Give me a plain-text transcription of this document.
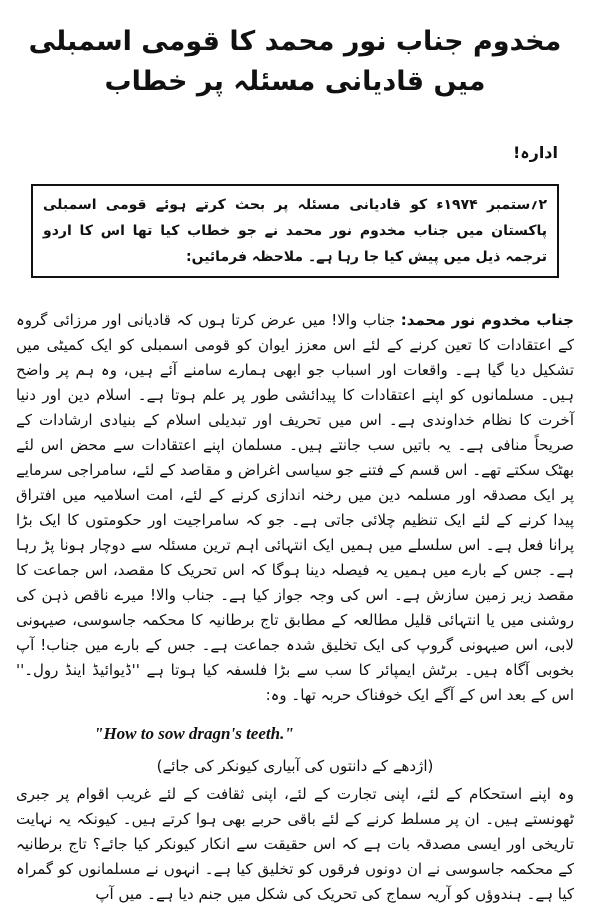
مخدوم جناب نور محمد کا قومی اسمبلی میں قادیانی مسئلہ پر خطاب
ادارہ!
۲؍ستمبر ۱۹۷۴ء کو قادیانی مسئلہ پر بحث کرتے ہوئے قومی اسمبلی پاکستان میں جناب مخدوم نور محمد نے جو خطاب کیا تھا اس کا اردو ترجمہ ذیل میں پیش کیا جا رہا ہے۔ ملاحظہ فرمائیں:

جناب مخدوم نور محمد: جناب والا! میں عرض کرتا ہوں کہ قادیانی اور مرزائی گروہ کے اعتقادات کا تعین کرنے کے لئے اس معزز ایوان کو قومی اسمبلی کو ایک کمیٹی میں تشکیل دیا گیا ہے۔ واقعات اور اسباب جو ابھی ہمارے سامنے آئے ہیں، وہ ہم پر واضح ہیں۔ مسلمانوں کو اپنے اعتقادات کا پیدائشی طور پر علم ہوتا ہے۔ اسلام دین اور دنیا آخرت کا نظام خداوندی ہے۔ اس میں تحریف اور تبدیلی اسلام کے بنیادی ارشادات کے صریحاً منافی ہے۔ یہ باتیں سب جانتے ہیں۔ مسلمان اپنے اعتقادات سے محض اس لئے بھٹک سکتے تھے۔ اس قسم کے فتنے جو سیاسی اغراض و مقاصد کے لئے، سامراجی سرمایے پر ایک مصدقہ اور مسلمہ دین میں رخنہ اندازی کرنے کے لئے، امت اسلامیہ میں افتراق پیدا کرنے کے لئے ایک تنظیم چلائی جاتی ہے۔ جو کہ سامراجیت اور حکومتوں کا ایک بڑا پرانا فعل ہے۔ اس سلسلے میں ہمیں ایک انتہائی اہم ترین مسئلہ سے دوچار ہونا پڑ رہا ہے۔ جس کے بارے میں ہمیں یہ فیصلہ دینا ہوگا کہ اس تحریک کا مقصد، اس جماعت کا مقصد زیر زمین سازش ہے۔ اس کی وجہ جواز کیا ہے۔ جناب والا! میرے ناقص ذہن کی روشنی میں یا انتہائی قلیل مطالعہ کے مطابق تاج برطانیہ کا محکمہ جاسوسی، صیہونی لابی، اس صیہونی گروپ کی ایک تخلیق شدہ جماعت ہے۔ جس کے بارے میں جناب! آپ بخوبی آگاہ ہیں۔ برٹش ایمپائر کا سب سے بڑا فلسفہ کیا ہوتا ہے ''ڈیوائیڈ اینڈ رول۔'' اس کے بعد اس کے آگے ایک خوفناک حربہ تھا۔ وہ:

"How to sow dragn's teeth."
(اژدھے کے دانتوں کی آبیاری کیونکر کی جائے)

وہ اپنے استحکام کے لئے، اپنی تجارت کے لئے، اپنی ثقافت کے لئے غریب اقوام پر جبری ٹھونستے ہیں۔ ان پر مسلط کرنے کے لئے باقی حربے بھی ہوا کرتے ہیں۔ کیونکہ یہ نہایت تاریخی اور ایسی مصدقہ بات ہے کہ اس حقیقت سے انکار کیونکر کیا جائے؟ تاج برطانیہ کے محکمہ جاسوسی نے ان دونوں فرقوں کو تخلیق کیا ہے۔ انہوں نے مسلمانوں کو گمراہ کیا ہے۔ ہندوؤں کو آریہ سماج کی تحریک کی شکل میں جنم دیا ہے۔ میں آپ
